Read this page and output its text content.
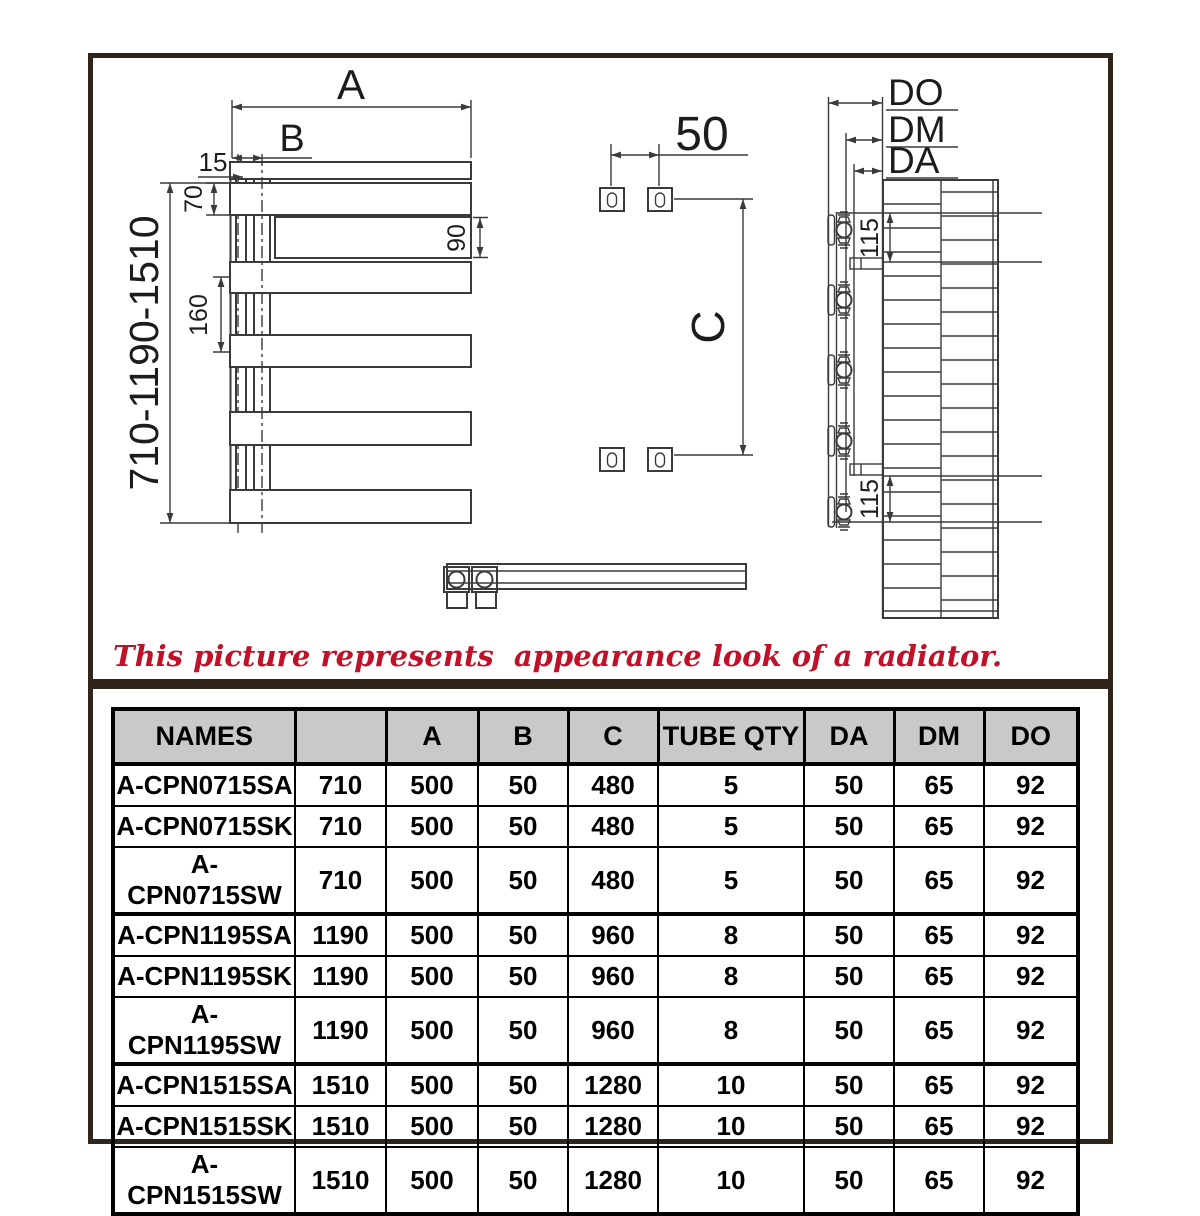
A
B
15
70
160
90
710-1190-1510
50
C
DO
DM
DA
115
115
This picture represents  appearance look of a radiator.
NAMES		A	B	C	TUBE QTY	DA	DM	DO
A-CPN0715SA	710	500	50	480	5	50	65	92
A-CPN0715SK	710	500	50	480	5	50	65	92
A-CPN0715SW	710	500	50	480	5	50	65	92
A-CPN1195SA	1190	500	50	960	8	50	65	92
A-CPN1195SK	1190	500	50	960	8	50	65	92
A-CPN1195SW	1190	500	50	960	8	50	65	92
A-CPN1515SA	1510	500	50	1280	10	50	65	92
A-CPN1515SK	1510	500	50	1280	10	50	65	92
A-CPN1515SW	1510	500	50	1280	10	50	65	92
